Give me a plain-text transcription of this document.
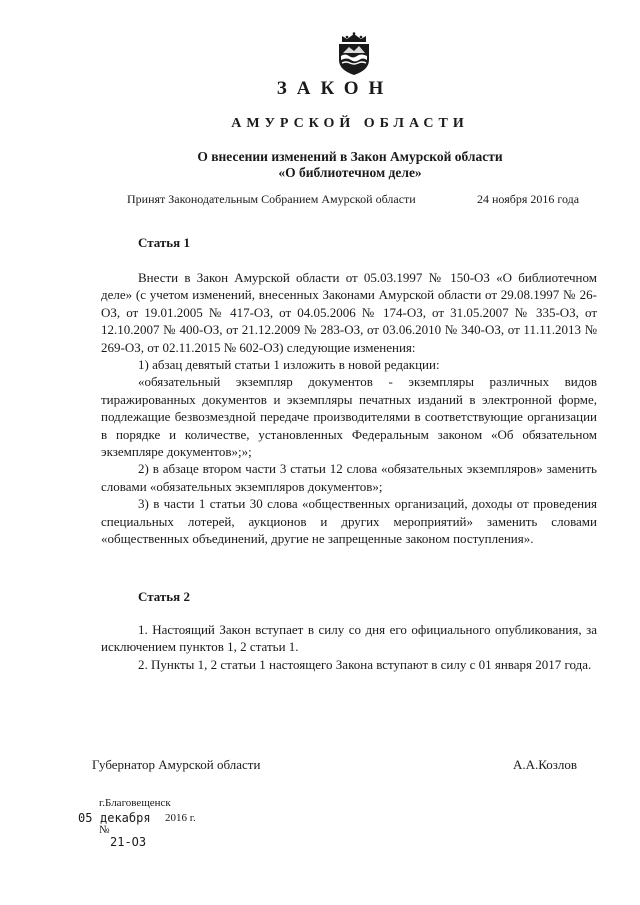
ЗАКОН
АМУРСКОЙ ОБЛАСТИ
О внесении изменений в Закон Амурской области
«О библиотечном деле»
Принят Законодательным Собранием Амурской области	24 ноября 2016 года
Статья 1

Внести в Закон Амурской области от 05.03.1997 № 150-ОЗ «О библиотечном деле» (с учетом изменений, внесенных Законами Амурской области от 29.08.1997 № 26-ОЗ, от 19.01.2005 № 417-ОЗ, от 04.05.2006 № 174-ОЗ, от 31.05.2007 № 335-ОЗ, от 12.10.2007 № 400-ОЗ, от 21.12.2009 № 283-ОЗ, от 03.06.2010 № 340-ОЗ, от 11.11.2013 № 269-ОЗ, от 02.11.2015 № 602-ОЗ) следующие изменения:

1) абзац девятый статьи 1 изложить в новой редакции:

«обязательный экземпляр документов - экземпляры различных видов тиражированных документов и экземпляры печатных изданий в электронной форме, подлежащие безвозмездной передаче производителями в соответствующие организации в порядке и количестве, установленных Федеральным законом «Об обязательном экземпляре документов»;»;

2) в абзаце втором части 3 статьи 12 слова «обязательных экземпляров» заменить словами «обязательных экземпляров документов»;

3) в части 1 статьи 30 слова «общественных организаций, доходы от проведения специальных лотерей, аукционов и других мероприятий» заменить словами «общественных объединений, другие не запрещенные законом поступления».

Статья 2

1. Настоящий Закон вступает в силу со дня его официального опубликования, за исключением пунктов 1, 2 статьи 1.

2. Пункты 1, 2 статьи 1 настоящего Закона вступают в силу с 01 января 2017 года.

Губернатор Амурской области	А.А.Козлов
г.Благовещенск
05 декабря 2016 г.
№
21-ОЗ
